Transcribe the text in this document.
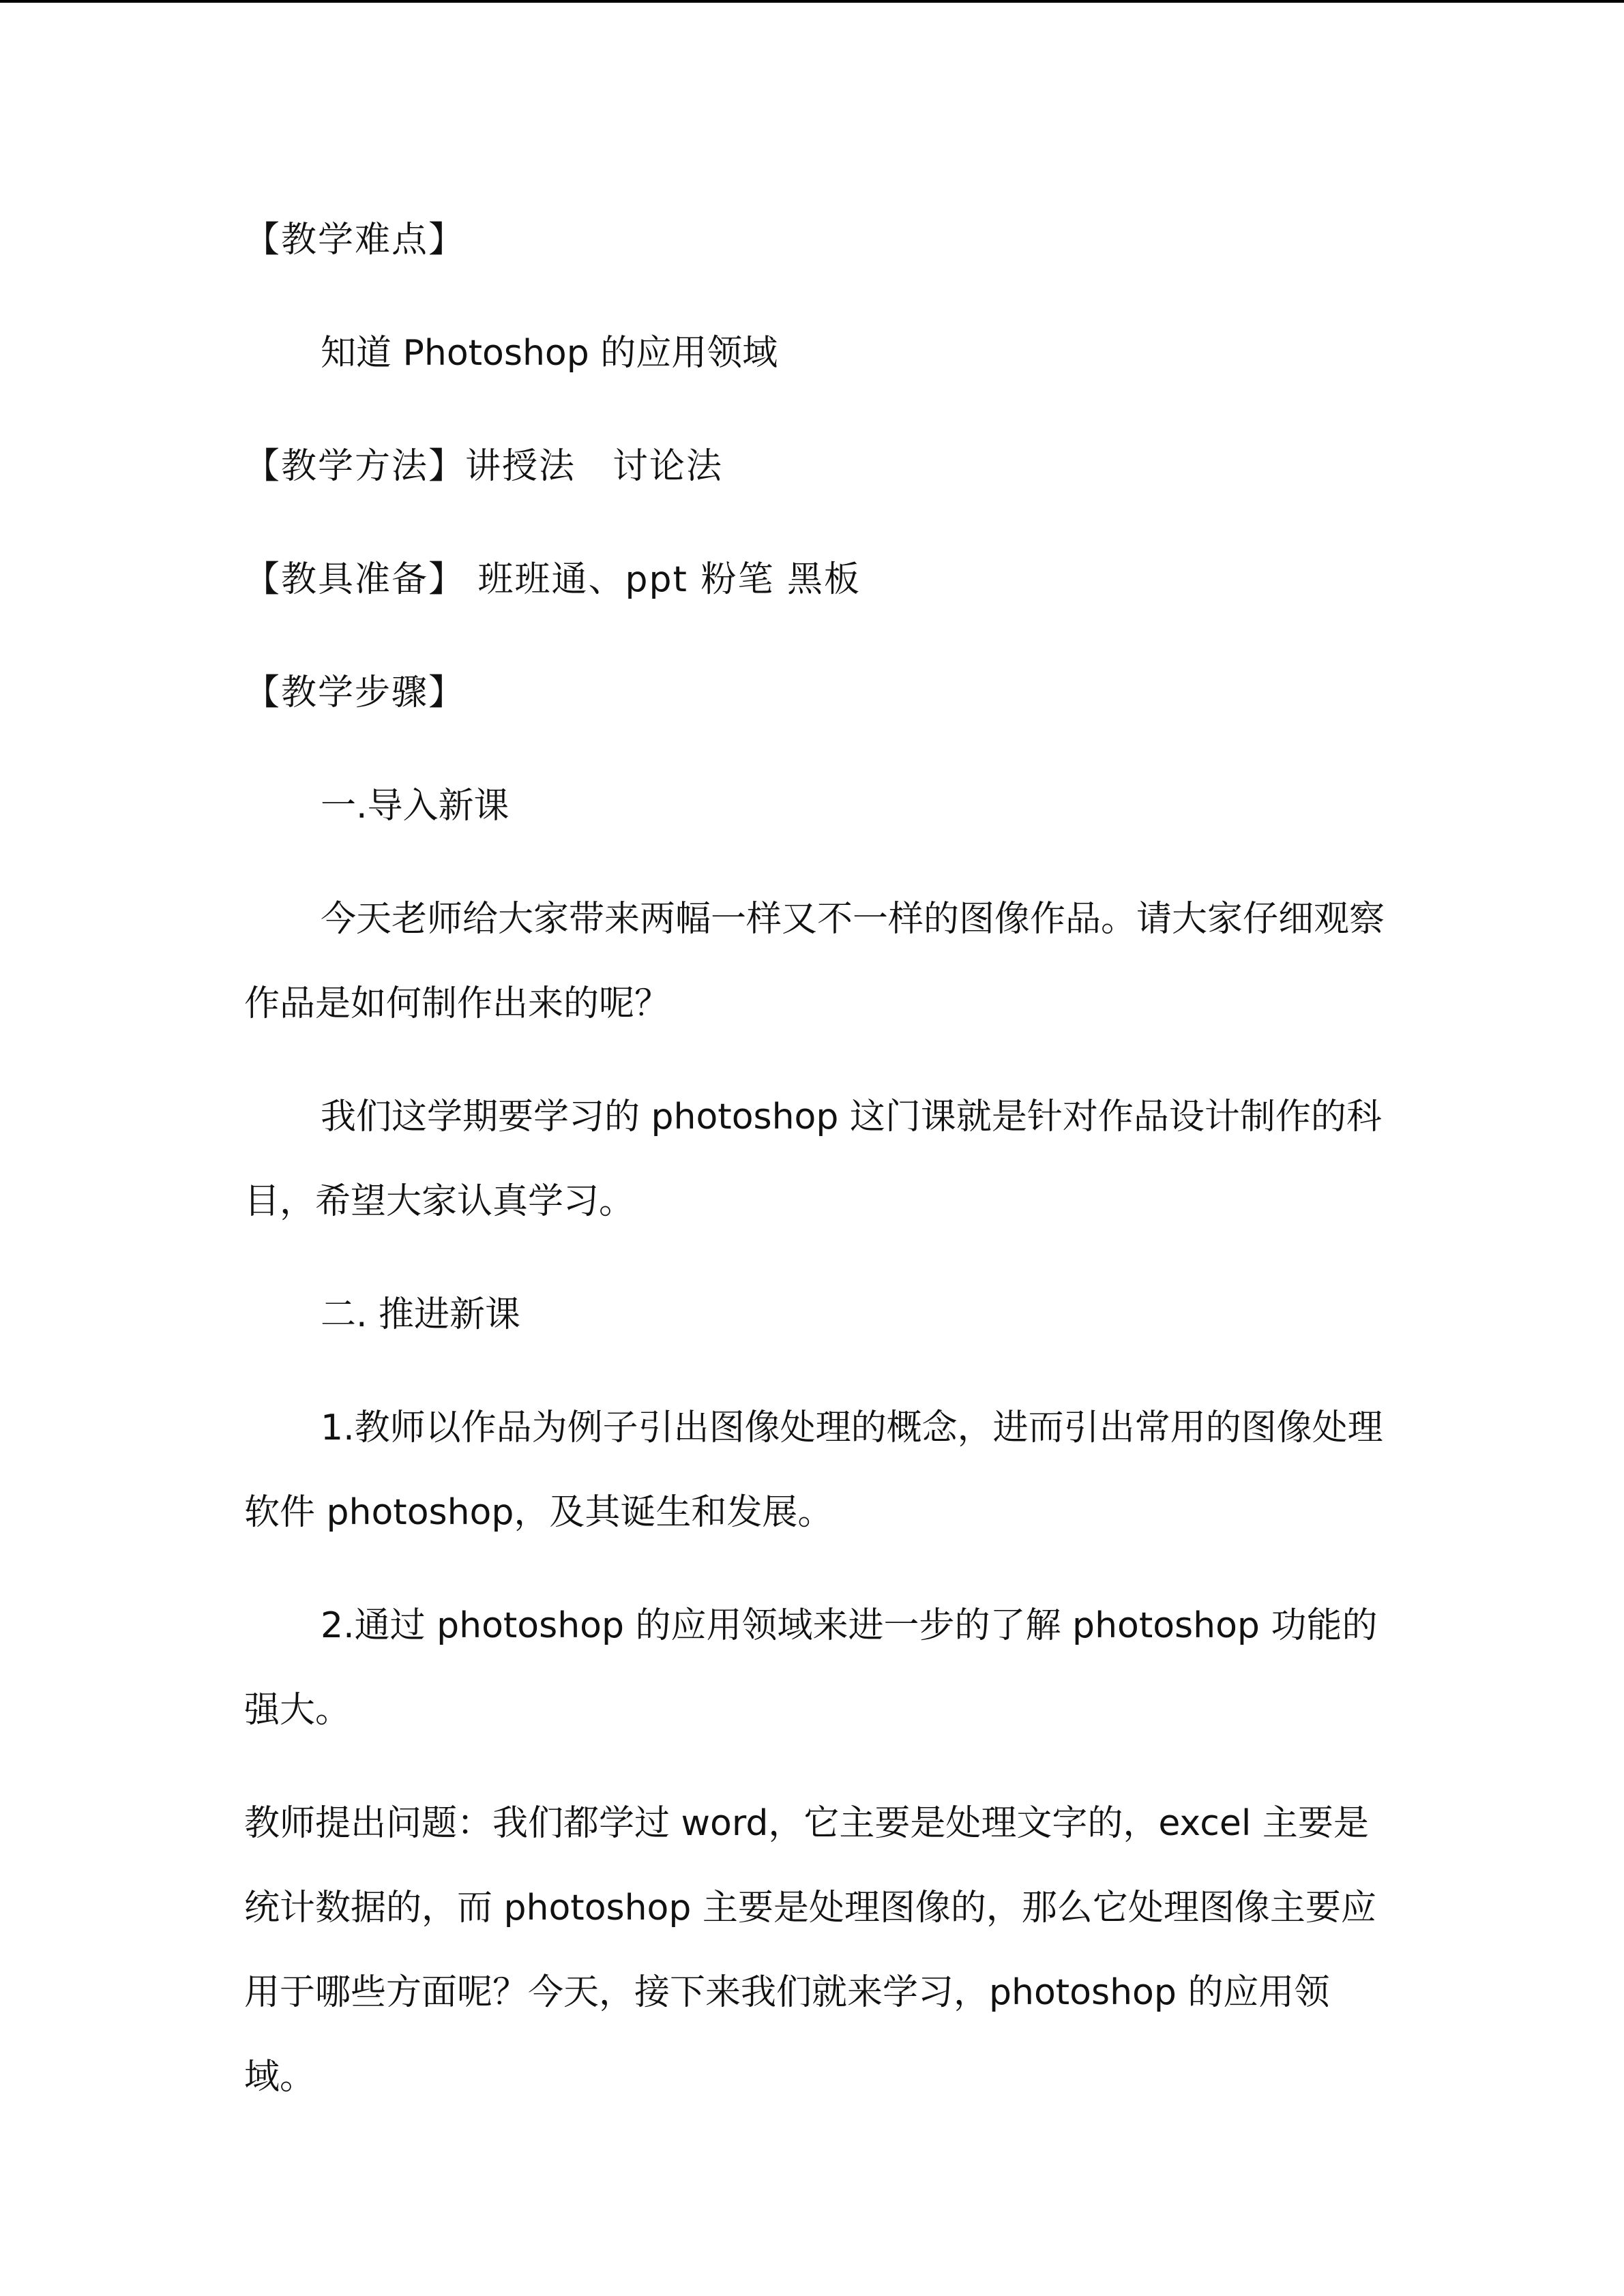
【教学难点】

知道 Photoshop 的应用领域

【教学方法】讲授法　讨论法

【教具准备】 班班通、ppt 粉笔 黑板

【教学步骤】

一.导入新课

今天老师给大家带来两幅一样又不一样的图像作品。请大家仔细观察作品是如何制作出来的呢？

我们这学期要学习的 photoshop 这门课就是针对作品设计制作的科目，希望大家认真学习。

二. 推进新课

1.教师以作品为例子引出图像处理的概念，进而引出常用的图像处理软件 photoshop，及其诞生和发展。

2.通过 photoshop 的应用领域来进一步的了解 photoshop 功能的强大。

教师提出问题：我们都学过 word，它主要是处理文字的，excel 主要是统计数据的，而 photoshop 主要是处理图像的，那么它处理图像主要应用于哪些方面呢？今天，接下来我们就来学习，photoshop 的应用领域。
